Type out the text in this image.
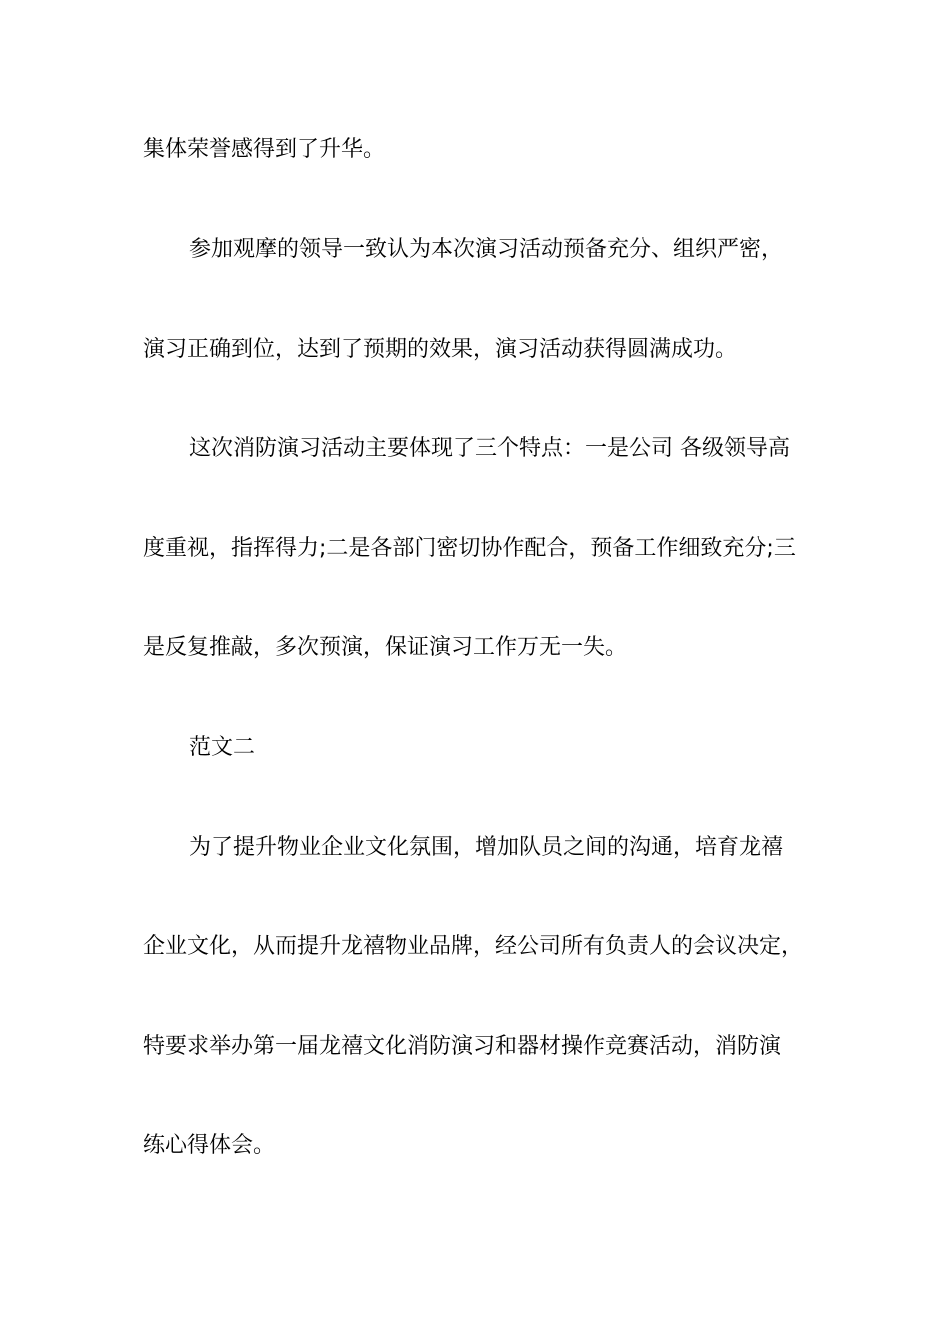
集体荣誉感得到了升华。

参加观摩的领导一致认为本次演习活动预备充分、组织严密，

演习正确到位，达到了预期的效果，演习活动获得圆满成功。

这次消防演习活动主要体现了三个特点：一是公司 各级领导高

度重视，指挥得力;二是各部门密切协作配合，预备工作细致充分;三

是反复推敲，多次预演，保证演习工作万无一失。

范文二

为了提升物业企业文化氛围，增加队员之间的沟通，培育龙禧

企业文化，从而提升龙禧物业品牌，经公司所有负责人的会议决定，

特要求举办第一届龙禧文化消防演习和器材操作竞赛活动，消防演

练心得体会。
